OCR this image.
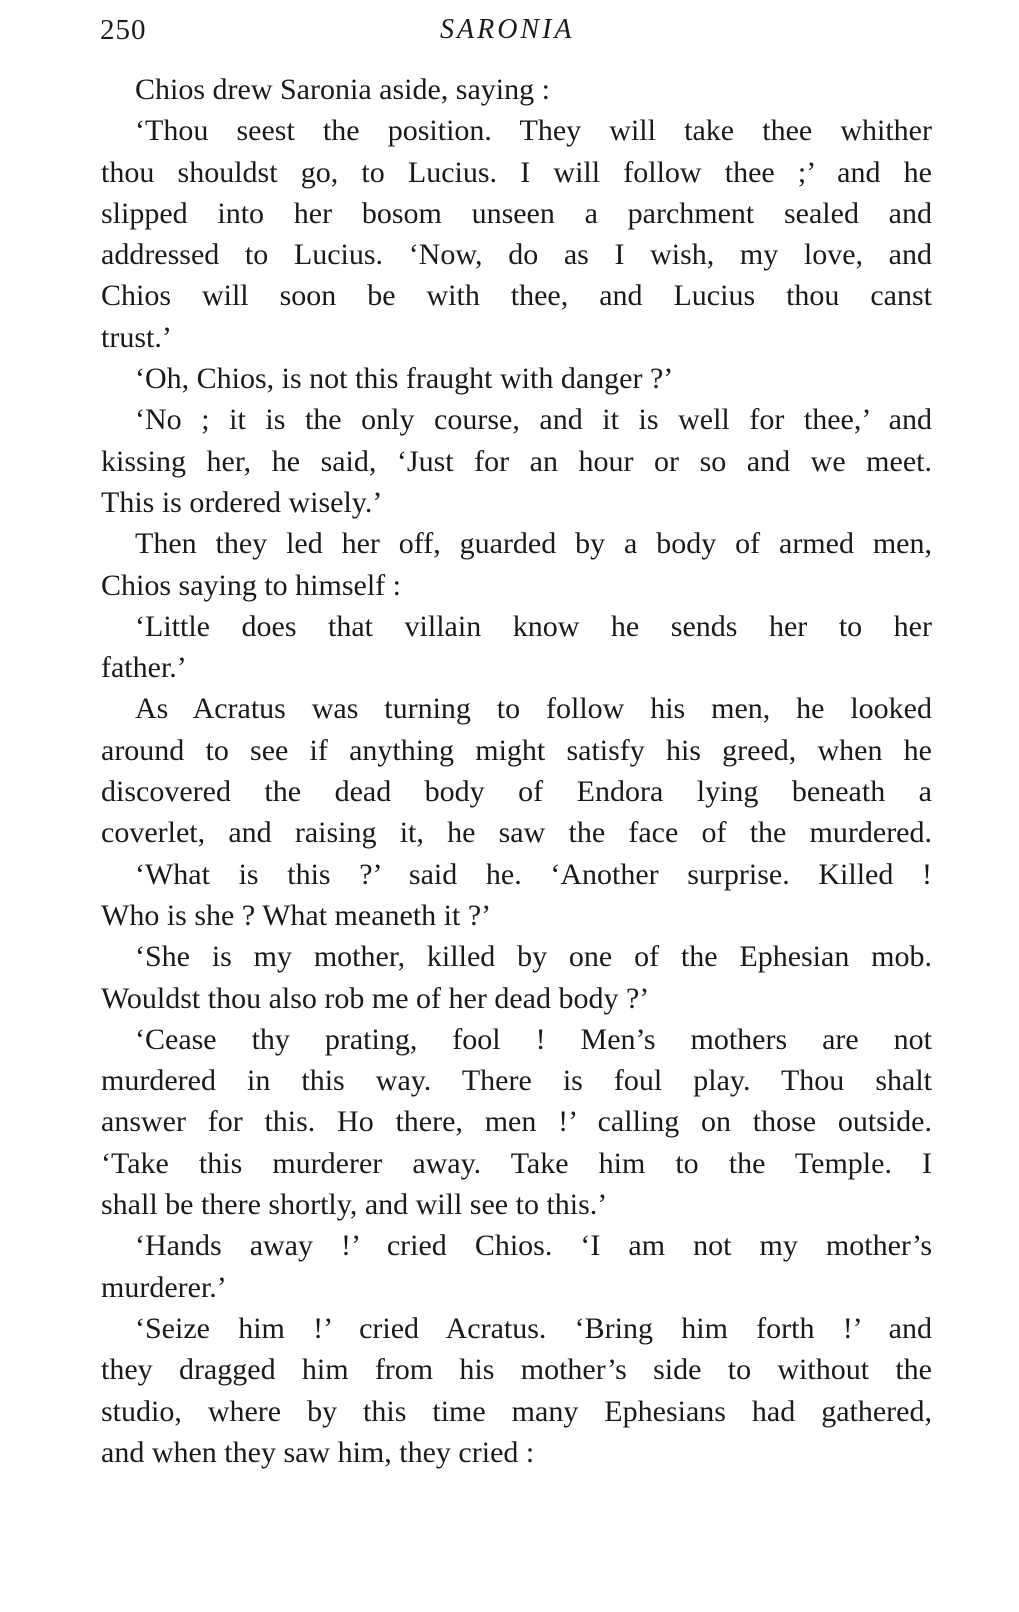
250	SARONIA
Chios drew Saronia aside, saying :
‘Thou seest the position. They will take thee whither
thou shouldst go, to Lucius. I will follow thee ;’ and he
slipped into her bosom unseen a parchment sealed and
addressed to Lucius. ‘Now, do as I wish, my love, and
Chios will soon be with thee, and Lucius thou canst
trust.’
‘Oh, Chios, is not this fraught with danger ?’
‘No ; it is the only course, and it is well for thee,’ and
kissing her, he said, ‘Just for an hour or so and we meet.
This is ordered wisely.’
Then they led her off, guarded by a body of armed men,
Chios saying to himself :
‘Little does that villain know he sends her to her
father.’
As Acratus was turning to follow his men, he looked
around to see if anything might satisfy his greed, when he
discovered the dead body of Endora lying beneath a
coverlet, and raising it, he saw the face of the murdered.
‘What is this ?’ said he. ‘Another surprise. Killed !
Who is she ? What meaneth it ?’
‘She is my mother, killed by one of the Ephesian mob.
Wouldst thou also rob me of her dead body ?’
‘Cease thy prating, fool ! Men’s mothers are not
murdered in this way. There is foul play. Thou shalt
answer for this. Ho there, men !’ calling on those outside.
‘Take this murderer away. Take him to the Temple. I
shall be there shortly, and will see to this.’
‘Hands away !’ cried Chios. ‘I am not my mother’s
murderer.’
‘Seize him !’ cried Acratus. ‘Bring him forth !’ and
they dragged him from his mother’s side to without the
studio, where by this time many Ephesians had gathered,
and when they saw him, they cried :
